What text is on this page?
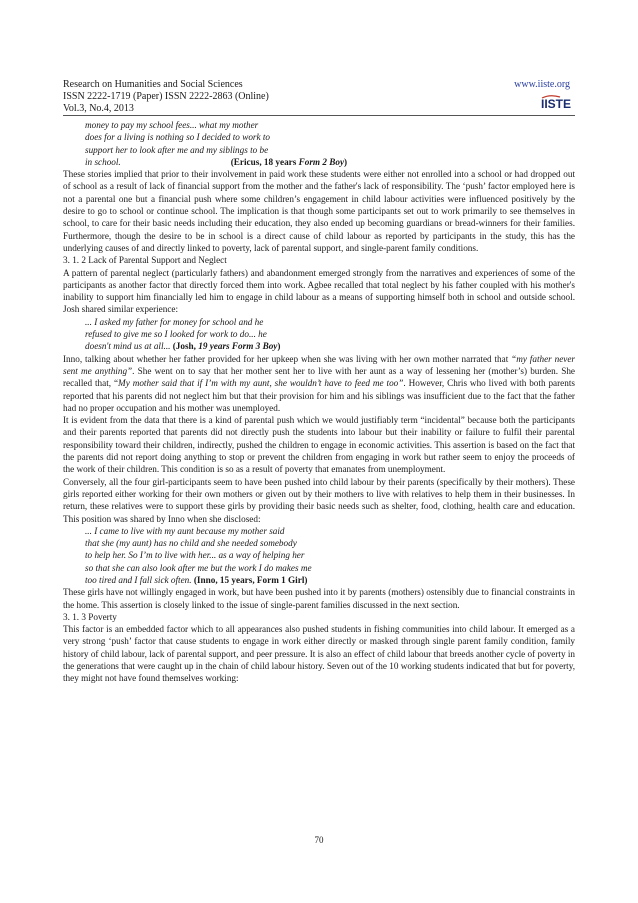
Research on Humanities and Social Sciences
ISSN 2222-1719 (Paper) ISSN 2222-2863 (Online)
Vol.3, No.4, 2013
www.iiste.org
IISTE
money to pay my school fees... what my mother
does for a living is nothing so I decided to work to
support her to look after me and my siblings to be
in school.	(Ericus, 18 years Form 2 Boy)

These stories implied that prior to their involvement in paid work these students were either not enrolled into a school or had dropped out of school as a result of lack of financial support from the mother and the father's lack of responsibility. The ‘push’ factor employed here is not a parental one but a financial push where some children’s engagement in child labour activities were influenced positively by the desire to go to school or continue school. The implication is that though some participants set out to work primarily to see themselves in school, to care for their basic needs including their education, they also ended up becoming guardians or bread-winners for their families. Furthermore, though the desire to be in school is a direct cause of child labour as reported by participants in the study, this has the underlying causes of and directly linked to poverty, lack of parental support, and single-parent family conditions.

3. 1. 2 Lack of Parental Support and Neglect

A pattern of parental neglect (particularly fathers) and abandonment emerged strongly from the narratives and experiences of some of the participants as another factor that directly forced them into work. Agbee recalled that total neglect by his father coupled with his mother's inability to support him financially led him to engage in child labour as a means of supporting himself both in school and outside school. Josh shared similar experience:

... I asked my father for money for school and he
refused to give me so I looked for work to do... he
doesn't mind us at all... (Josh, 19 years Form 3 Boy)

Inno, talking about whether her father provided for her upkeep when she was living with her own mother narrated that “my father never sent me anything”. She went on to say that her mother sent her to live with her aunt as a way of lessening her (mother’s) burden. She recalled that, “My mother said that if I’m with my aunt, she wouldn’t have to feed me too”. However, Chris who lived with both parents reported that his parents did not neglect him but that their provision for him and his siblings was insufficient due to the fact that the father had no proper occupation and his mother was unemployed.

It is evident from the data that there is a kind of parental push which we would justifiably term “incidental” because both the participants and their parents reported that parents did not directly push the students into labour but their inability or failure to fulfil their parental responsibility toward their children, indirectly, pushed the children to engage in economic activities. This assertion is based on the fact that the parents did not report doing anything to stop or prevent the children from engaging in work but rather seem to enjoy the proceeds of the work of their children. This condition is so as a result of poverty that emanates from unemployment.

Conversely, all the four girl-participants seem to have been pushed into child labour by their parents (specifically by their mothers). These girls reported either working for their own mothers or given out by their mothers to live with relatives to help them in their businesses. In return, these relatives were to support these girls by providing their basic needs such as shelter, food, clothing, health care and education. This position was shared by Inno when she disclosed:

... I came to live with my aunt because my mother said
that she (my aunt) has no child and she needed somebody
to help her. So I’m to live with her... as a way of helping her
so that she can also look after me but the work I do makes me
too tired and I fall sick often. (Inno, 15 years, Form 1 Girl)

These girls have not willingly engaged in work, but have been pushed into it by parents (mothers) ostensibly due to financial constraints in the home. This assertion is closely linked to the issue of single-parent families discussed in the next section.

3. 1. 3 Poverty

This factor is an embedded factor which to all appearances also pushed students in fishing communities into child labour. It emerged as a very strong ‘push’ factor that cause students to engage in work either directly or masked through single parent family condition, family history of child labour, lack of parental support, and peer pressure. It is also an effect of child labour that breeds another cycle of poverty in the generations that were caught up in the chain of child labour history. Seven out of the 10 working students indicated that but for poverty, they might not have found themselves working:

70
